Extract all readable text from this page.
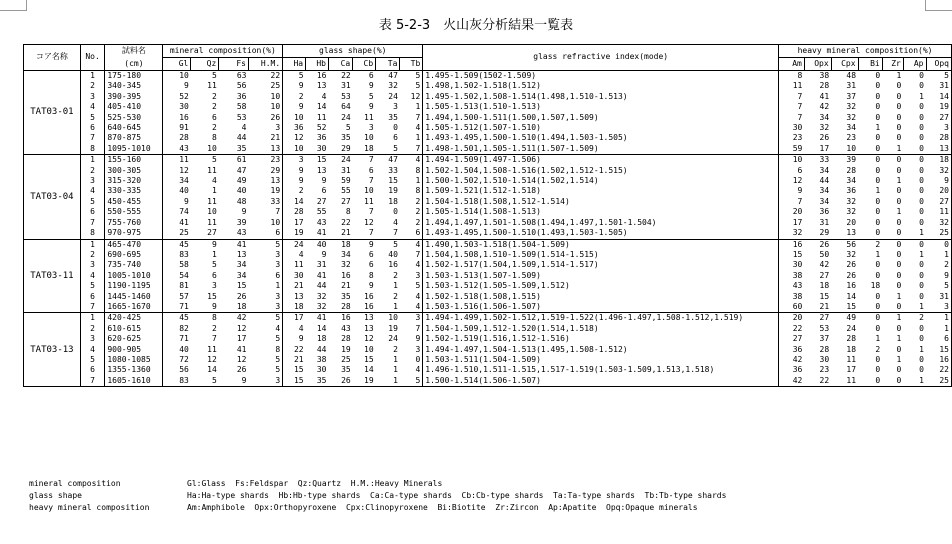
表 5-2-3　火山灰分析結果一覧表
コア名称	No.	試料名	mineral composition(%)				glass shape(%)						glass refractive index(mode)	heavy mineral composition(%)						
		(cm)	Gl	Qz	Fs	H.M.	Ha	Hb	Ca	Cb	Ta	Tb		Am	Opx	Cpx	Bi	Zr	Ap	Opq
TAT03-01	1	175-180	10	5	63	22	5	16	22	6	47	5	1.495-1.509(1502-1.509)	8	38	48	0	1	0	5
	2	340-345	9	11	56	25	9	13	31	9	32	5	1.498,1.502-1.518(1.512)	11	28	31	0	0	0	31
	3	390-395	52	2	36	10	2	4	53	5	24	12	1.495-1.502,1.508-1.514(1.498,1.510-1.513)	7	41	37	0	0	1	14
	4	405-410	30	2	58	10	9	14	64	9	3	1	1.505-1.513(1.510-1.513)	7	42	32	0	0	0	19
	5	525-530	16	6	53	26	10	11	24	11	35	7	1.494,1.500-1.511(1.500,1.507,1.509)	7	34	32	0	0	0	27
	6	640-645	91	2	4	3	36	52	5	3	0	4	1.505-1.512(1.507-1.510)	30	32	34	1	0	0	3
	7	870-875	28	8	44	21	12	36	35	10	6	1	1.493-1.495,1.500-1.510(1.494,1.503-1.505)	23	26	23	0	0	0	28
	8	1095-1010	43	10	35	13	10	30	29	18	5	7	1.498-1.501,1.505-1.511(1.507-1.509)	59	17	10	0	1	0	13
TAT03-04	1	155-160	11	5	61	23	3	15	24	7	47	4	1.494-1.509(1.497-1.506)	10	33	39	0	0	0	18
	2	300-305	12	11	47	29	9	13	31	6	33	8	1.502-1.504,1.508-1.516(1.502,1.512-1.515)	6	34	28	0	0	0	32
	3	315-320	34	4	49	13	9	9	59	7	15	1	1.500-1.502,1.510-1.514(1.502,1.514)	12	44	34	0	1	0	9
	4	330-335	40	1	40	19	2	6	55	10	19	8	1.509-1.521(1.512-1.518)	9	34	36	1	0	0	20
	5	450-455	9	11	48	33	14	27	27	11	18	2	1.504-1.518(1.508,1.512-1.514)	7	34	32	0	0	0	27
	6	550-555	74	10	9	7	28	55	8	7	0	2	1.505-1.514(1.508-1.513)	20	36	32	0	1	0	11
	7	755-760	41	11	39	10	17	43	22	12	4	2	1.494,1.497,1.501-1.508(1.494,1.497,1.501-1.504)	17	31	20	0	0	0	32
	8	970-975	25	27	43	6	19	41	21	7	7	6	1.493-1.495,1.500-1.510(1.493,1.503-1.505)	32	29	13	0	0	1	25
TAT03-11	1	465-470	45	9	41	5	24	40	18	9	5	4	1.490,1.503-1.518(1.504-1.509)	16	26	56	2	0	0	0
	2	690-695	83	1	13	3	4	9	34	6	40	7	1.504,1.508,1.510-1.509(1.514-1.515)	15	50	32	1	0	1	1
	3	735-740	58	5	34	3	11	31	32	6	16	4	1.502-1.517(1.504,1.509,1.514-1.517)	30	42	26	0	0	0	2
	4	1005-1010	54	6	34	6	30	41	16	8	2	3	1.503-1.513(1.507-1.509)	38	27	26	0	0	0	9
	5	1190-1195	81	3	15	1	21	44	21	9	1	5	1.503-1.512(1.505-1.509,1.512)	43	18	16	18	0	0	5
	6	1445-1460	57	15	26	3	13	32	35	16	2	4	1.502-1.518(1.508,1.515)	38	15	14	0	1	0	31
	7	1665-1670	71	9	18	3	18	32	28	16	1	4	1.503-1.516(1.506-1.507)	60	21	15	0	0	1	3
TAT03-13	1	420-425	45	8	42	5	17	41	16	13	10	3	1.494-1.499,1.502-1.512,1.519-1.522(1.496-1.497,1.508-1.512,1.519)	20	27	49	0	1	2	1
	2	610-615	82	2	12	4	4	14	43	13	19	7	1.504-1.509,1.512-1.520(1.514,1.518)	22	53	24	0	0	0	1
	3	620-625	71	7	17	5	9	18	28	12	24	9	1.502-1.519(1.516,1.512-1.516)	27	37	28	1	1	0	6
	4	900-905	40	11	41	8	22	44	19	10	2	3	1.494-1.497,1.504-1.513(1.495,1.508-1.512)	36	28	18	2	0	1	15
	5	1080-1085	72	12	12	5	21	38	25	15	1	0	1.503-1.511(1.504-1.509)	42	30	11	0	1	0	16
	6	1355-1360	56	14	26	5	15	30	35	14	1	4	1.496-1.510,1.511-1.515,1.517-1.519(1.503-1.509,1.513,1.518)	36	23	17	0	0	0	22
	7	1605-1610	83	5	9	3	15	35	26	19	1	5	1.500-1.514(1.506-1.507)	42	22	11	0	0	1	25
mineral composition	Gl:Glass  Fs:Feldspar  Qz:Quartz  H.M.:Heavy Minerals
glass shape	Ha:Ha-type shards  Hb:Hb-type shards  Ca:Ca-type shards  Cb:Cb-type shards  Ta:Ta-type shards  Tb:Tb-type shards
heavy mineral composition	Am:Amphibole  Opx:Orthopyroxene  Cpx:Clinopyroxene  Bi:Biotite  Zr:Zircon  Ap:Apatite  Opq:Opaque minerals
